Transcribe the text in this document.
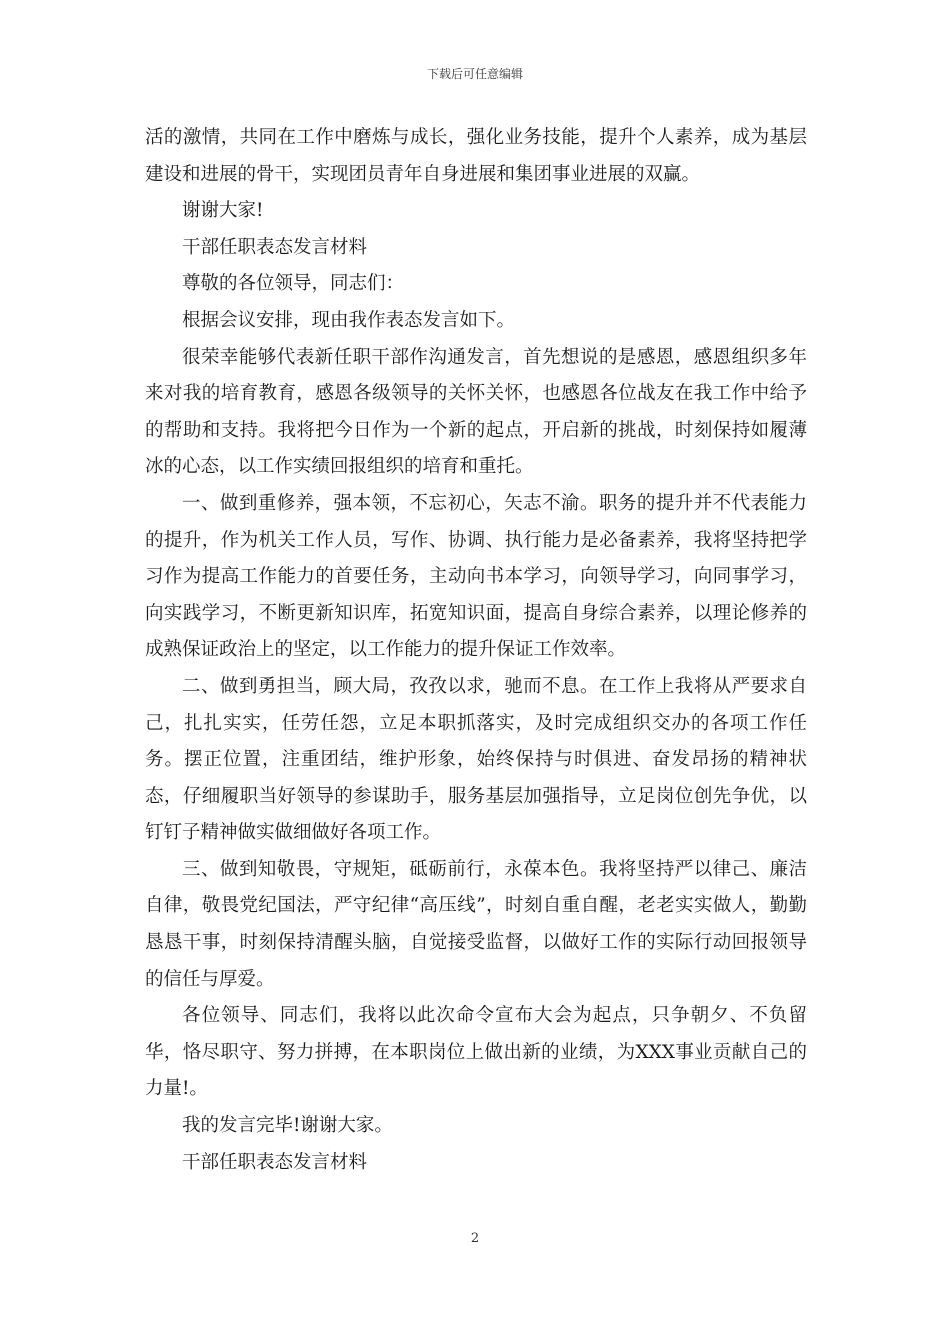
下载后可任意编辑

活的激情，共同在工作中磨炼与成长，强化业务技能，提升个人素养，成为基层建设和进展的骨干，实现团员青年自身进展和集团事业进展的双赢。

谢谢大家!

干部任职表态发言材料

尊敬的各位领导，同志们：

根据会议安排，现由我作表态发言如下。

很荣幸能够代表新任职干部作沟通发言，首先想说的是感恩，感恩组织多年来对我的培育教育，感恩各级领导的关怀关怀，也感恩各位战友在我工作中给予的帮助和支持。我将把今日作为一个新的起点，开启新的挑战，时刻保持如履薄冰的心态，以工作实绩回报组织的培育和重托。

一、做到重修养，强本领，不忘初心，矢志不渝。职务的提升并不代表能力的提升，作为机关工作人员，写作、协调、执行能力是必备素养，我将坚持把学习作为提高工作能力的首要任务，主动向书本学习，向领导学习，向同事学习，向实践学习，不断更新知识库，拓宽知识面，提高自身综合素养，以理论修养的成熟保证政治上的坚定，以工作能力的提升保证工作效率。

二、做到勇担当，顾大局，孜孜以求，驰而不息。在工作上我将从严要求自己，扎扎实实，任劳任怨，立足本职抓落实，及时完成组织交办的各项工作任务。摆正位置，注重团结，维护形象，始终保持与时俱进、奋发昂扬的精神状态，仔细履职当好领导的参谋助手，服务基层加强指导，立足岗位创先争优，以钉钉子精神做实做细做好各项工作。

三、做到知敬畏，守规矩，砥砺前行，永葆本色。我将坚持严以律己、廉洁自律，敬畏党纪国法，严守纪律“高压线”，时刻自重自醒，老老实实做人，勤勤恳恳干事，时刻保持清醒头脑，自觉接受监督，以做好工作的实际行动回报领导的信任与厚爱。

各位领导、同志们，我将以此次命令宣布大会为起点，只争朝夕、不负留华，恪尽职守、努力拼搏，在本职岗位上做出新的业绩，为XXX事业贡献自己的力量!。

我的发言完毕!谢谢大家。

干部任职表态发言材料

2
